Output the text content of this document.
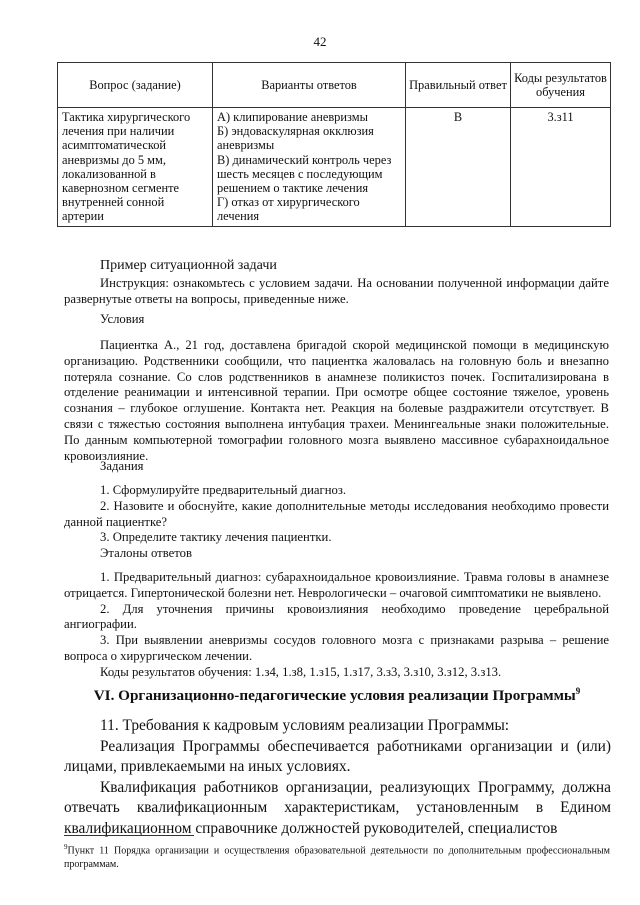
42
Вопрос (задание)	Варианты ответов	Правильный ответ	Коды результатов обучения
Тактика хирургического лечения при наличии асимптоматической аневризмы до 5 мм, локализованной в кавернозном сегменте внутренней сонной артерии	А) клипирование аневризмы
Б) эндоваскулярная окклюзия аневризмы
В) динамический контроль через шесть месяцев с последующим решением о тактике лечения
Г) отказ от хирургического лечения	В	3.з11
Пример ситуационной задачи

Инструкция: ознакомьтесь с условием задачи. На основании полученной информации дайте развернутые ответы на вопросы, приведенные ниже.

Условия

Пациентка А., 21 год, доставлена бригадой скорой медицинской помощи в медицинскую организацию. Родственники сообщили, что пациентка жаловалась на головную боль и внезапно потеряла сознание. Со слов родственников в анамнезе поликистоз почек. Госпитализирована в отделение реанимации и интенсивной терапии. При осмотре общее состояние тяжелое, уровень сознания – глубокое оглушение. Контакта нет. Реакция на болевые раздражители отсутствует. В связи с тяжестью состояния выполнена интубация трахеи. Менингеальные знаки положительные. По данным компьютерной томографии головного мозга выявлено массивное субарахноидальное кровоизлияние.

Задания

1. Сформулируйте предварительный диагноз.

2. Назовите и обоснуйте, какие дополнительные методы исследования необходимо провести данной пациентке?

3. Определите тактику лечения пациентки.

Эталоны ответов

1. Предварительный диагноз: субарахноидальное кровоизлияние. Травма головы в анамнезе отрицается. Гипертонической болезни нет. Неврологически – очаговой симптоматики не выявлено.

2. Для уточнения причины кровоизлияния необходимо проведение церебральной ангиографии.

3. При выявлении аневризмы сосудов головного мозга с признаками разрыва – решение вопроса о хирургическом лечении.

Коды результатов обучения: 1.з4, 1.з8, 1.з15, 1.з17, 3.з3, 3.з10, 3.з12, 3.з13.

VI. Организационно-педагогические условия реализации Программы$^9$

11. Требования к кадровым условиям реализации Программы:

Реализация Программы обеспечивается работниками организации и (или) лицами, привлекаемыми на иных условиях.

Квалификация работников организации, реализующих Программу, должна отвечать квалификационным характеристикам, установленным в Едином квалификационном справочнике должностей руководителей, специалистов

$^9$Пункт 11 Порядка организации и осуществления образовательной деятельности по дополнительным профессиональным программам.
